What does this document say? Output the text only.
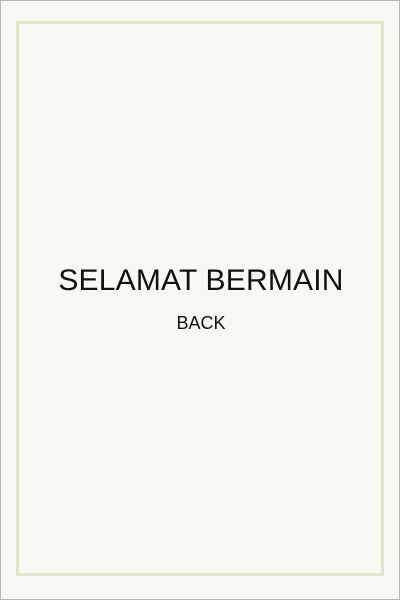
SELAMAT BERMAIN
BACK
